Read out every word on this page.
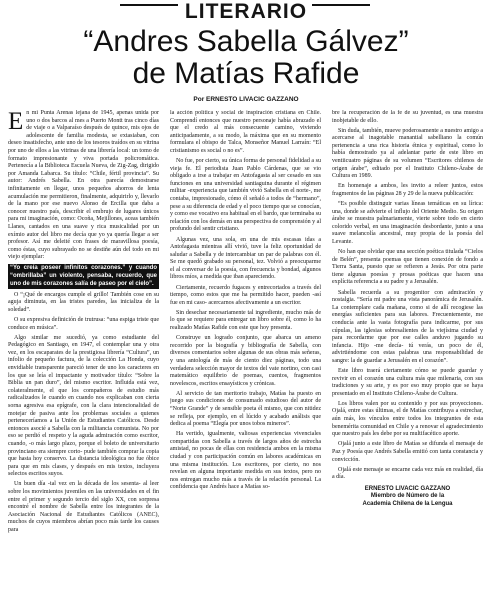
LITERARIO
“Andres Sabella Gálvez”
de Matías Rafide

Por ERNESTO LIVACIC GAZZANO

En mi Punta Arenas lejana de 1945, apenas unida por uno o dos barcos al mes a Puerto Montt tras cinco días de viaje o a Valparaíso después de quince, mis ojos de adolescente de familia modesta, se extasiaban, con deseo insatisfecho, ante uno de los tesoros traídos en su vitrina por uno de ellos a las vitrinas de una librería local: un tomo de formato impresionante y viva portada policromática. Pertenecía a la Biblioteca Escuela Nueva, de Zig-Zag, dirigido por Amanda Labarca. Su título: “Chile, fértil provincia”. Su autor: Andrés Sabella. En otra parecía demostrarse infinitamente en llegar, unos pequeños ahorros de lenta acumulación me permitieron, finalmente, adquirirlo y, llevarlo de la mano por ese nuevo Alonso de Ercilla que daba a conocer nuestro país, describir el embrujo de lugares únicos para mi imaginación, como: Ocoña, Mejillones, aceas también Llanes, cantados en una suave y rica musicalidad por un exímio autor del libro me decía que yo ya quería llegar a ser profesor. Así me deleité con frases de maravillosa poesía, como éstas, cuyo subrayado no se destiñe aún del todo en mi viejo ejemplar:

“Yo creía poseer infinitos corazones.” y cuando “ombrillaba” un violento, pensaba, recuerdo, que uno de mis corazones salía de paseo por el cielo”.

O “¡Qué de encargos cumple el grillo! También cose en su aguja diminuta, en las tristes paredes, las inicializa de la soledad”.

O su expresiva definición de trutrusa: “una espiga triste que conduce en música”.

Algo similar me sucedió, ya como estudiante del Pedagógico en Santiago, en 1947, el contemplar una y otra vez, en los escaparates de la prestigiosa librería “Cultura”, un infolio de pequeño factura, de la colección La Honda, cuyo envidiable transparente pareció tener de uno los caracteres en los que se leía el impactante y motivador título: “Sobre la Biblia un pan duro”, del mismo escritor. Influida está vez, colateralmente, el que los compañeros de estudio más radicalizados le cuando en cuando nos explicaban con cierta sorna agresiva esa epígrafe, con la clara intencionalidad de motejar de pasiva ante los problemas sociales a quienes perteneceríamos a la Unión de Estudiantes Católicos. Desde entonces asocié a Sabella con la militancia comunista. No por eso se perdió el respeto y la aguda admiración como escritor, cuando, -o más largo plazo, porque el boleto de universitario provinciano era siempre corto- pude también comprar la copia que hasta hoy conservo. La distancia ideológica no fue óbice para que en mis clases, y después en mis textos, incluyera selectos escritos suyos.

Un buen día -tal vez en la década de los sesenta- al leer sobre los movimientos juveniles en las universidades en el fin entre el primer y segundo tercio del siglo XX, con sorpresa encontré el nombre de Sabella entre los integrantes de la Asociación Nacional de Estudiantes Católicos (ANEC), muchos de cuyos miembros abrían poco más tarde los causes para

la acción política y social de inspiración cristiana en Chile. Comprendí entonces que nuestro personaje había abrazado el que el credo al más consecuente camino, viviendo anticipadamente, a su modo, la máxima que en su momento formulara el obispo de Talca, Monseñor Manuel Larraín: “El cristianismo es social o no es”.

No fue, por cierto, su única forma de personal fidelidad a su vieja fe. El periodista Juan Pablo Cárdenas, que se vio obligado a irse a trabajar en Antofagasta al ser cesado en sus funciones en una universidad santiaguina durante el régimen militar -experiencia que también vivió Sabella en el norte-, me contaba, impresionado, cómo él señaló a todos de “hermano”, pese a su diferencia de edad y el poco tiempo que se conocían, y como ese vocativo era habitual en el bardo, que terminaba su relación con los demás en una perspectiva de comprensión y al profundo del sentir cristiano.

Algunas vez, una sola, en una de mis escasas idas a Antofagasta mientras allí vivió, tuve la feliz oportunidad de saludar a Sabella y de intercambiar un par de palabras con él. Se me quedó grabado su personal, tez. Volvió a preocuparme el al conversar de la poesía, con frecuencia y bondad, algunos libros míos, a medida que iban apareciendo.

Ciertamente, recuerdo fugaces y entrecortados a través del tiempo, como estos que me ha permitido hacer, pueden -así fue en mi caso- acercarnos afectivamente a un escritor.

Sin desechar necesariamente tal ingrediente, mucho más de lo que se requiere para entregar un libro sobre él, como lo ha realizado Matías Rafide con este que hoy presenta.

Construye un logrado conjunto, que abarca un ameno recorrido por la biografía y bibliografía de Sabella, con diversos comentarios sobre algunas de sus obras más señeras, y una antología de más de ciento diez páginas, todo una verdadera selección mayor de textos del vate nortino, con casi matemático equilibrio de poemas, cuentos, fragmentos novelescos, escritos ensayísticos y crónicas.

Al servicio de tan meritorio trabajo, Matías ha puesto en juego sus condiciones de consumado estudioso del autor de “Norte Grande” y de sensible poeta él mismo, que con nitidez se refleja, por ejemplo, en el lúcido y acabado análisis que dedica al poema “Elegía por unos tobos mineros”.

Ha vertido, igualmente, valiosas experiencias vivenciales compartidas con Sabella a través de largos años de estrecha amistad, no pocas de ellas con residencia ambos en la misma ciudad y con participación común en labores académicas en una misma institución. Los escritores, por cierto, no nos revelan en alguna importante medida en sus textos, pero no nos entregan mucho más a través de la relación personal. La confidencia que Andrés hace a Matías so-

bre la recuperación de la fe de su juventud, es una muestra inobjetable de ello.

Sin duda, también, mueve poderosamente a nuestro amigo a acercarse al inagotable manantial sabelliano la común pertenencia a una rica historia étnica y espiritual, como lo había demostrado ya al adelantar parte de este libro en ventiicuatro páginas de su volumen “Escritores chilenos de origen árabe”, editado por el Instituto Chileno-Árabe de Cultura en 1989.

En homenaje a ambos, les invito a releer juntos, estos fragmentos de las páginas 28 y 29 de la nueva publicación:

“Es posible distinguir varias líneas temáticas en su lírica: una, donde se advierte el influjo del Oriente Medio. Su origen árabe se muestra palmariamente, vierte sobre todo en cierto colorido verbal, en una imaginación desbordante, junto a una suave melancolía ancestral, muy propia de la poesía del Levante.

No han que olvidar que una sección poética titulada “Cielos de Belén”, presenta poemas que tienen conexión de fondo a Tierra Santa, puesto que se refieren a Jesús. Por otra parte tiene algunas poesías y prosas poéticas que hacen una explícita referencia a su padre y a Jerusalén.

Sabella recuerda a su progenitor con admiración y nostalgia. “Sería mi padre una vista panorámica de Jerusalén. La contemplare cada mañana, como si de allí recogiese las energías suficientes para sus labores. Frecuentemente, me conducía ante la vasta fotografía para indicarme, por sus cúpulas, las iglesias sobresalientes de la viejísima ciudad y para recordarme que por ese calles anduvo jugando su infancia. Hijo -me decía- tú verás, un poco de él, advirtiéndome con estas palabras una responsabilidad de sangre: la de guardar a Jerusalén en el corazón”.

Este libro traerá ciertamente cómo se puede guardar y revivir en el corazón una cultura más que milenaria, con sus tradiciones y su arte, y es por eso muy propio que se haya presentado en el Instituto Chileno-Árabe de Cultura.

Los libros valen por su contenido y por sus proyecciones. Ojalá, entre estas últimas, el de Matías contribuya a estrechar, aún más, los vínculos entre todos los integrantes de esta benemérita comunidad en Chile y a renovar el agradecimiento que nuestro país les debe por su multifacético aporte.

Ojalá junto a este libro de Matías se difunda el mensaje de Paz y Poesía que Andrés Sabella emitió con tanta constancia y convicción.

Ojalá este mensaje se encarne cada vez más en realidad, día a día.

ERNESTO LIVACIC GAZZANO
Miembro de Número de la
Academia Chilena de la Lengua
